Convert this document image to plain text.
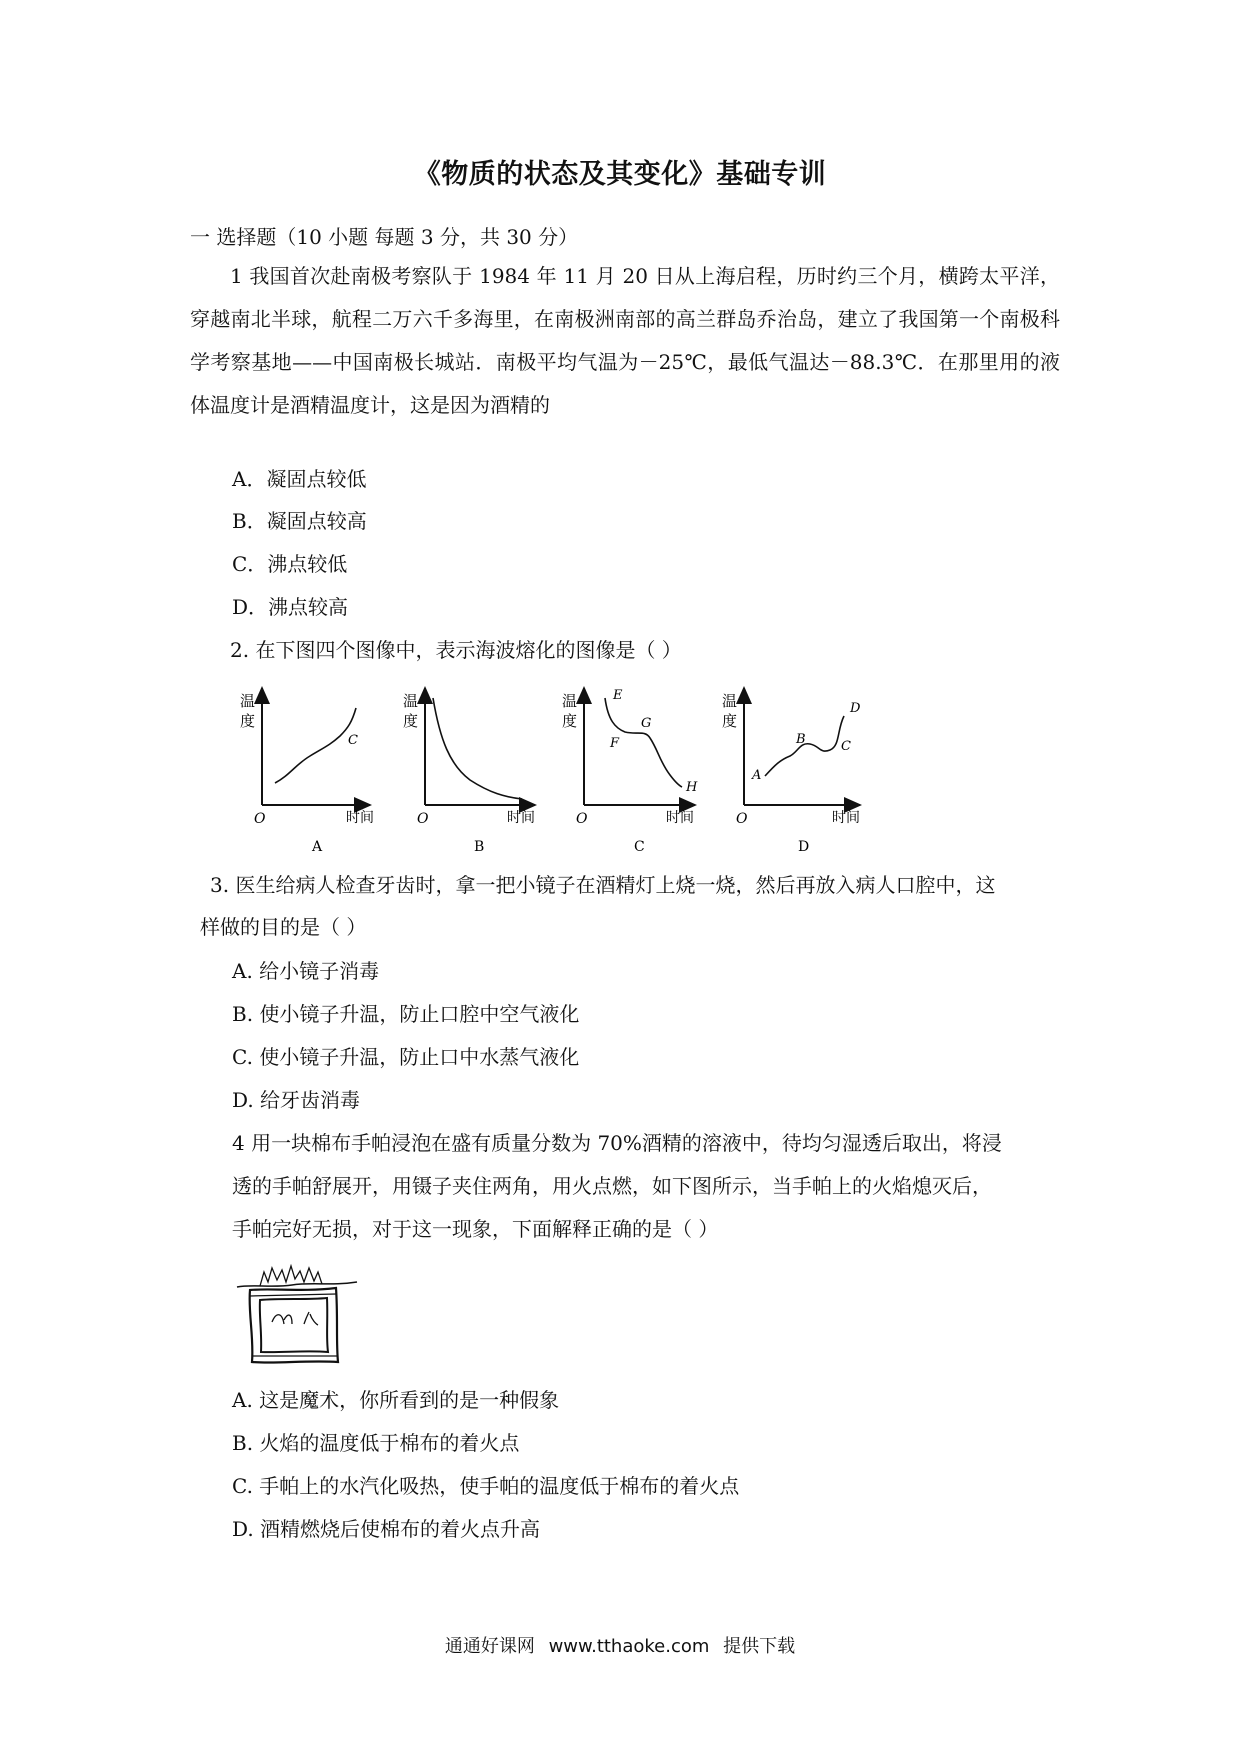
《物质的状态及其变化》基础专训
一 选择题（10 小题 每题 3 分，共 30 分）
1 我国首次赴南极考察队于 1984 年 11 月 20 日从上海启程，历时约三个月，横跨太平洋，穿越南北半球，航程二万六千多海里，在南极洲南部的高兰群岛乔治岛，建立了我国第一个南极科学考察基地——中国南极长城站．南极平均气温为－25℃，最低气温达－88.3℃．在那里用的液体温度计是酒精温度计，这是因为酒精的
A．凝固点较低
B．凝固点较高
C．沸点较低
D．沸点较高
2. 在下图四个图像中，表示海波熔化的图像是（ ）
温
度
时间
O
C
A
温
度
时间
O
B
温
度
时间
O
E
F
G
H
C
温
度
时间
O
A
B	C
D
D
3. 医生给病人检查牙齿时，拿一把小镜子在酒精灯上烧一烧，然后再放入病人口腔中，这
样做的目的是（ ）
A. 给小镜子消毒
B. 使小镜子升温，防止口腔中空气液化
C. 使小镜子升温，防止口中水蒸气液化
D. 给牙齿消毒
4 用一块棉布手帕浸泡在盛有质量分数为 70%酒精的溶液中，待均匀湿透后取出，将浸
透的手帕舒展开，用镊子夹住两角，用火点燃，如下图所示，当手帕上的火焰熄灭后，
手帕完好无损，对于这一现象，下面解释正确的是（ ）
A. 这是魔术，你所看到的是一种假象
B. 火焰的温度低于棉布的着火点
C. 手帕上的水汽化吸热，使手帕的温度低于棉布的着火点
D. 酒精燃烧后使棉布的着火点升高
通通好课网 www.tthaoke.com 提供下载
